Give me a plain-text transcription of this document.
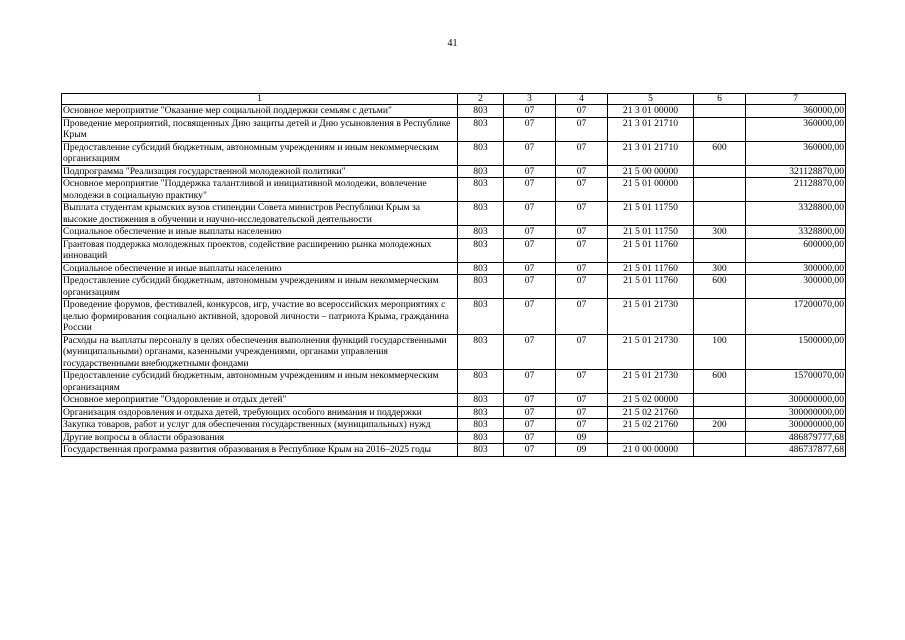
41
1	2	3	4	5	6	7
Основное мероприятие "Оказание мер социальной поддержки семьям с детьми"	803	07	07	21 3 01 00000		360000,00
Проведение мероприятий, посвященных Дню защиты детей и Дню усыновления в Республике Крым	803	07	07	21 3 01 21710		360000,00
Предоставление субсидий бюджетным, автономным учреждениям и иным некоммерческим организациям	803	07	07	21 3 01 21710	600	360000,00
Подпрограмма "Реализация государственной молодежной политики"	803	07	07	21 5 00 00000		321128870,00
Основное мероприятие "Поддержка талантливой и инициативной молодежи, вовлечение молодежи в социальную практику"	803	07	07	21 5 01 00000		21128870,00
Выплата студентам крымских вузов стипендии Совета министров Республики Крым за высокие достижения в обучении и научно-исследовательской деятельности	803	07	07	21 5 01 11750		3328800,00
Социальное обеспечение и иные выплаты населению	803	07	07	21 5 01 11750	300	3328800,00
Грантовая поддержка молодежных проектов, содействие расширению рынка молодежных инноваций	803	07	07	21 5 01 11760		600000,00
Социальное обеспечение и иные выплаты населению	803	07	07	21 5 01 11760	300	300000,00
Предоставление субсидий бюджетным, автономным учреждениям и иным некоммерческим организациям	803	07	07	21 5 01 11760	600	300000,00
Проведение форумов, фестивалей, конкурсов, игр, участие во всероссийских мероприятиях с целью формирования социально активной, здоровой личности – патриота Крыма, гражданина России	803	07	07	21 5 01 21730		17200070,00
Расходы на выплаты персоналу в целях обеспечения выполнения функций государственными (муниципальными) органами, казенными учреждениями, органами управления государственными внебюджетными фондами	803	07	07	21 5 01 21730	100	1500000,00
Предоставление субсидий бюджетным, автономным учреждениям и иным некоммерческим организациям	803	07	07	21 5 01 21730	600	15700070,00
Основное мероприятие "Оздоровление и отдых детей"	803	07	07	21 5 02 00000		300000000,00
Организация оздоровления и отдыха детей, требующих особого внимания и поддержки	803	07	07	21 5 02 21760		300000000,00
Закупка товаров, работ и услуг для обеспечения государственных (муниципальных) нужд	803	07	07	21 5 02 21760	200	300000000,00
Другие вопросы в области образования	803	07	09			486879777,68
Государственная программа развития образования в Республике Крым на 2016–2025 годы	803	07	09	21 0 00 00000		486737877,68
